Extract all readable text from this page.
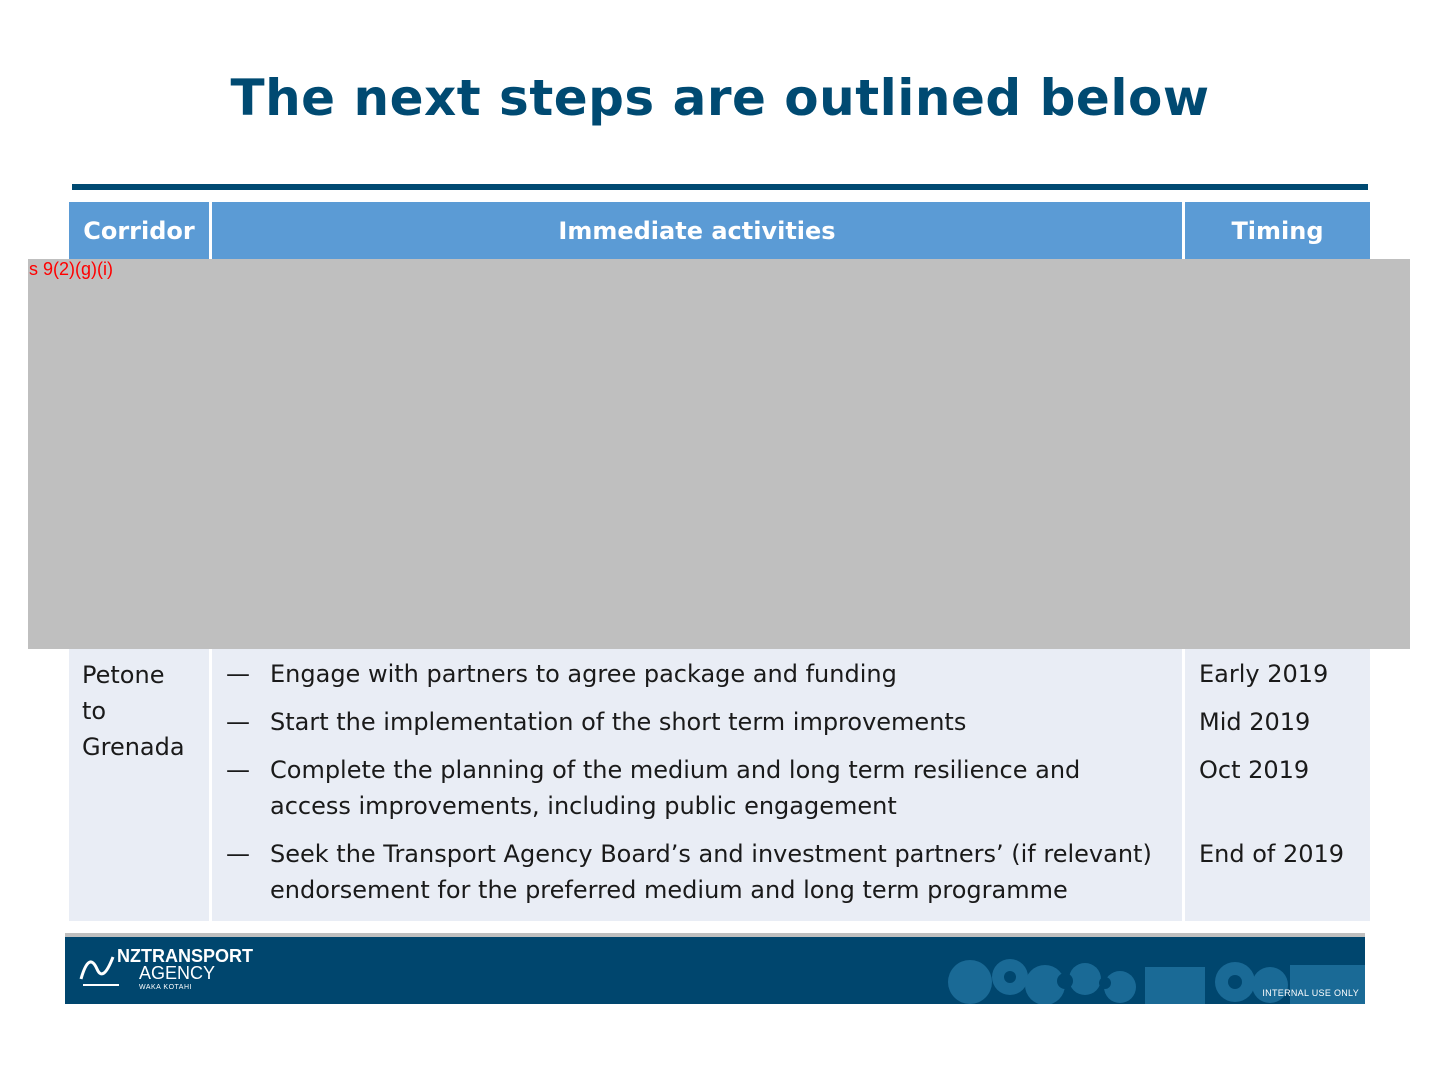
The next steps are outlined below
Corridor	Immediate activities	Timing
s 9(2)(g)(i)
Petone to Grenada
— Engage with partners to agree package and funding
— Start the implementation of the short term improvements
— Complete the planning of the medium and long term resilience and access improvements, including public engagement
— Seek the Transport Agency Board’s and investment partners’ (if relevant) endorsement for the preferred medium and long term programme
Early 2019
Mid 2019
Oct 2019
End of 2019
NZTRANSPORT
AGENCY
WAKA KOTAHI
INTERNAL USE ONLY
